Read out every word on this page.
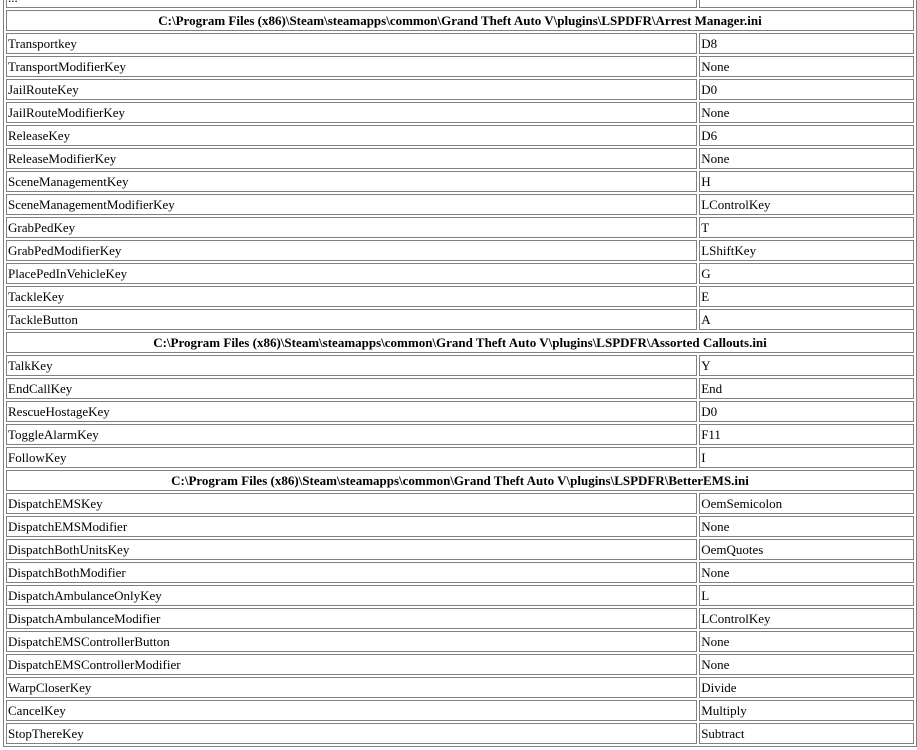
C:\Program Files (x86)\Steam\steamapps\common\Grand Theft Auto V\plugins\LSPDFR\Arrest Manager.ini	
Transportkey	D8
TransportModifierKey	None
JailRouteKey	D0
JailRouteModifierKey	None
ReleaseKey	D6
ReleaseModifierKey	None
SceneManagementKey	H
SceneManagementModifierKey	LControlKey
GrabPedKey	T
GrabPedModifierKey	LShiftKey
PlacePedInVehicleKey	G
TackleKey	E
TackleButton	A
C:\Program Files (x86)\Steam\steamapps\common\Grand Theft Auto V\plugins\LSPDFR\Assorted Callouts.ini	
TalkKey	Y
EndCallKey	End
RescueHostageKey	D0
ToggleAlarmKey	F11
FollowKey	I
C:\Program Files (x86)\Steam\steamapps\common\Grand Theft Auto V\plugins\LSPDFR\BetterEMS.ini	
DispatchEMSKey	OemSemicolon
DispatchEMSModifier	None
DispatchBothUnitsKey	OemQuotes
DispatchBothModifier	None
DispatchAmbulanceOnlyKey	L
DispatchAmbulanceModifier	LControlKey
DispatchEMSControllerButton	None
DispatchEMSControllerModifier	None
WarpCloserKey	Divide
CancelKey	Multiply
StopThereKey	Subtract
